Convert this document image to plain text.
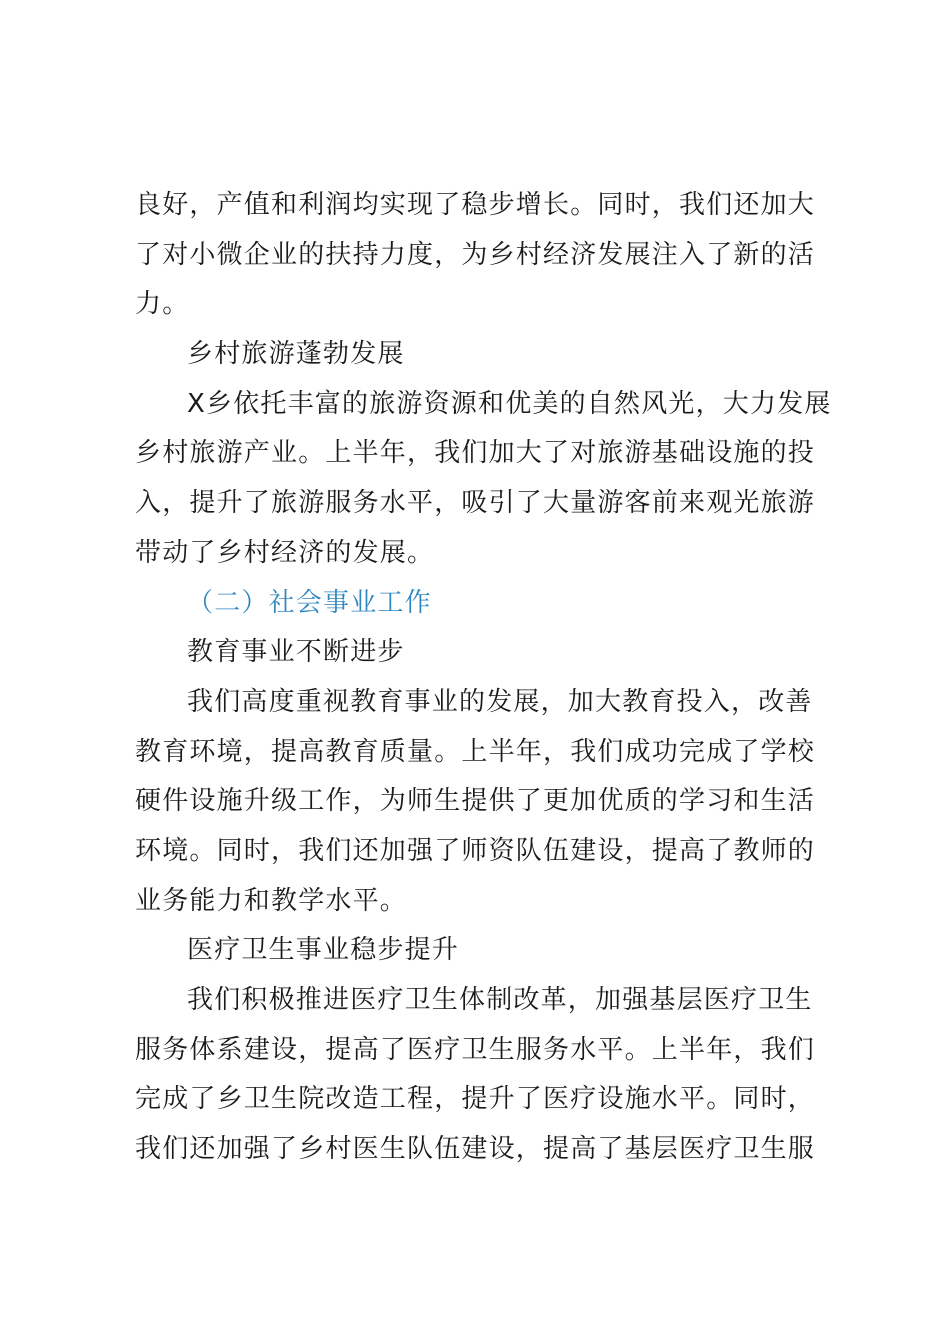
良好，产值和利润均实现了稳步增长。同时，我们还加大
了对小微企业的扶持力度，为乡村经济发展注入了新的活
力。
乡村旅游蓬勃发展
X乡依托丰富的旅游资源和优美的自然风光，大力发展
乡村旅游产业。上半年，我们加大了对旅游基础设施的投
入，提升了旅游服务水平，吸引了大量游客前来观光旅游
带动了乡村经济的发展。
（二）社会事业工作
教育事业不断进步
我们高度重视教育事业的发展，加大教育投入，改善
教育环境，提高教育质量。上半年，我们成功完成了学校
硬件设施升级工作，为师生提供了更加优质的学习和生活
环境。同时，我们还加强了师资队伍建设，提高了教师的
业务能力和教学水平。
医疗卫生事业稳步提升
我们积极推进医疗卫生体制改革，加强基层医疗卫生
服务体系建设，提高了医疗卫生服务水平。上半年，我们
完成了乡卫生院改造工程，提升了医疗设施水平。同时，
我们还加强了乡村医生队伍建设，提高了基层医疗卫生服
